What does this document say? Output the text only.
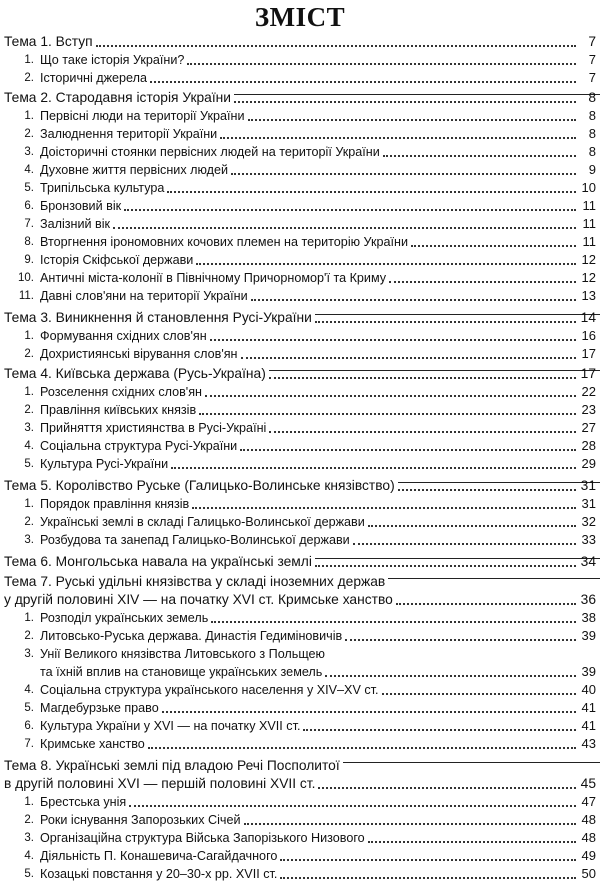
ЗМІСТ
Тема 1. Вступ	7
1. Що таке історія України?	7
2. Історичні джерела	7
Тема 2. Стародавня історія України	8
1. Первісні люди на території України	8
2. Залюднення території України	8
3. Доісторичні стоянки первісних людей на території України	8
4. Духовне життя первісних людей	9
5. Трипільська культура	10
6. Бронзовий вік	11
7. Залізний вік	11
8. Вторгнення ірономовних кочових племен на територію України	11
9. Історія Скіфської держави	12
10. Античні міста-колонії в Північному Причорномор'ї та Криму	12
11. Давні слов'яни на території України	13
Тема 3. Виникнення й становлення Русі-України	14
1. Формування східних слов'ян	16
2. Дохристиянські вірування слов'ян	17
Тема 4. Київська держава (Русь-Україна)	17
1. Розселення східних слов'ян	22
2. Правління київських князів	23
3. Прийняття християнства в Русі-Україні	27
4. Соціальна структура Русі-України	28
5. Культура Русі-України	29
Тема 5. Королівство Руське (Галицько-Волинське князівство)	31
1. Порядок правління князів	31
2. Українські землі в складі Галицько-Волинської держави	32
3. Розбудова та занепад Галицько-Волинської держави	33
Тема 6. Монгольська навала на українські землі	34
Тема 7. Руські удільні князівства у складі іноземних держав
у другій половині XIV — на початку XVI ст. Кримське ханство	36
1. Розподіл українських земель	38
2. Литовсько-Руська держава. Династія Гедиміновичів	39
3. Унії Великого князівства Литовського з Польщею
та їхній вплив на становище українських земель	39
4. Соціальна структура українського населення у XIV–XV ст.	40
5. Магдебурзьке право	41
6. Культура України у XVI — на початку XVII ст.	41
7. Кримське ханство	43
Тема 8. Українські землі під владою Речі Посполитої
в другій половині XVI — першій половині XVII ст.	45
1. Брестська унія	47
2. Роки існування Запорозьких Січей	48
3. Організаційна структура Війська Запорізького Низового	48
4. Діяльність П. Конашевича-Сагайдачного	49
5. Козацькі повстання у 20–30-х рр. XVII ст.	50
